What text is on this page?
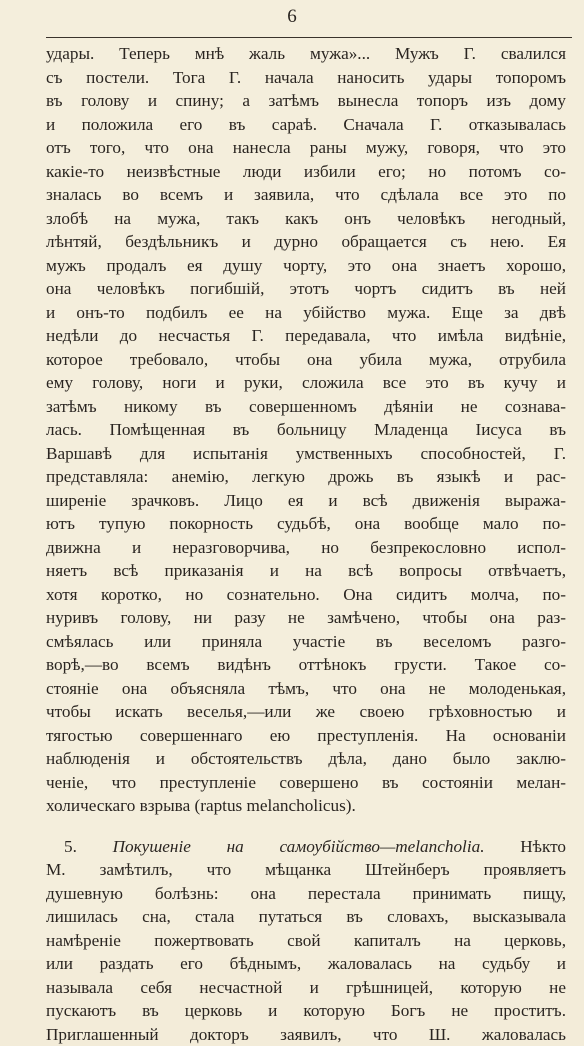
6
удары. Теперь мнѣ жаль мужа»... Мужъ Г. свалился
съ постели. Тога Г. начала наносить удары топоромъ
въ голову и спину; а затѣмъ вынесла топоръ изъ дому
и положила его въ сараѣ. Сначала Г. отказывалась
отъ того, что она нанесла раны мужу, говоря, что это
какіе-то неизвѣстные люди избили его; но потомъ со-
зналась во всемъ и заявила, что сдѣлала все это по
злобѣ на мужа, такъ какъ онъ человѣкъ негодный,
лѣнтяй, бездѣльникъ и дурно обращается съ нею. Ея
мужъ продалъ ея душу чорту, это она знаетъ хорошо,
она человѣкъ погибшій, этотъ чортъ сидитъ въ ней
и онъ-то подбилъ ее на убійство мужа. Еще за двѣ
недѣли до несчастья Г. передавала, что имѣла видѣніе,
которое требовало, чтобы она убила мужа, отрубила
ему голову, ноги и руки, сложила все это въ кучу и
затѣмъ никому въ совершенномъ дѣяніи не сознава-
лась. Помѣщенная въ больницу Младенца Іисуса въ
Варшавѣ для испытанія умственныхъ способностей, Г.
представляла: анемію, легкую дрожь въ языкѣ и рас-
ширеніе зрачковъ. Лицо ея и всѣ движенія выража-
ютъ тупую покорность судьбѣ, она вообще мало по-
движна и неразговорчива, но безпрекословно испол-
няетъ всѣ приказанія и на всѣ вопросы отвѣчаетъ,
хотя коротко, но сознательно. Она сидитъ молча, по-
нуривъ голову, ни разу не замѣчено, чтобы она раз-
смѣялась или приняла участіе въ веселомъ разго-
ворѣ,—во всемъ видѣнъ оттѣнокъ грусти. Такое со-
стояніе она объясняла тѣмъ, что она не молоденькая,
чтобы искать веселья,—или же своею грѣховностью и
тягостью совершеннаго ею преступленія. На основаніи
наблюденія и обстоятельствъ дѣла, дано было заклю-
ченіе, что преступленіе совершено въ состояніи мелан-
холическаго взрыва (raptus melancholicus).
5. Покушеніе на самоубійство—melancholia. Нѣкто
М. замѣтилъ, что мѣщанка Штейнберъ проявляетъ
душевную болѣзнь: она перестала принимать пищу,
лишилась сна, стала путаться въ словахъ, высказывала
намѣреніе пожертвовать свой капиталъ на церковь,
или раздать его бѣднымъ, жаловалась на судьбу и
называла себя несчастной и грѣшницей, которую не
пускаютъ въ церковь и которую Богъ не проститъ.
Приглашенный докторъ заявилъ, что Ш. жаловалась
